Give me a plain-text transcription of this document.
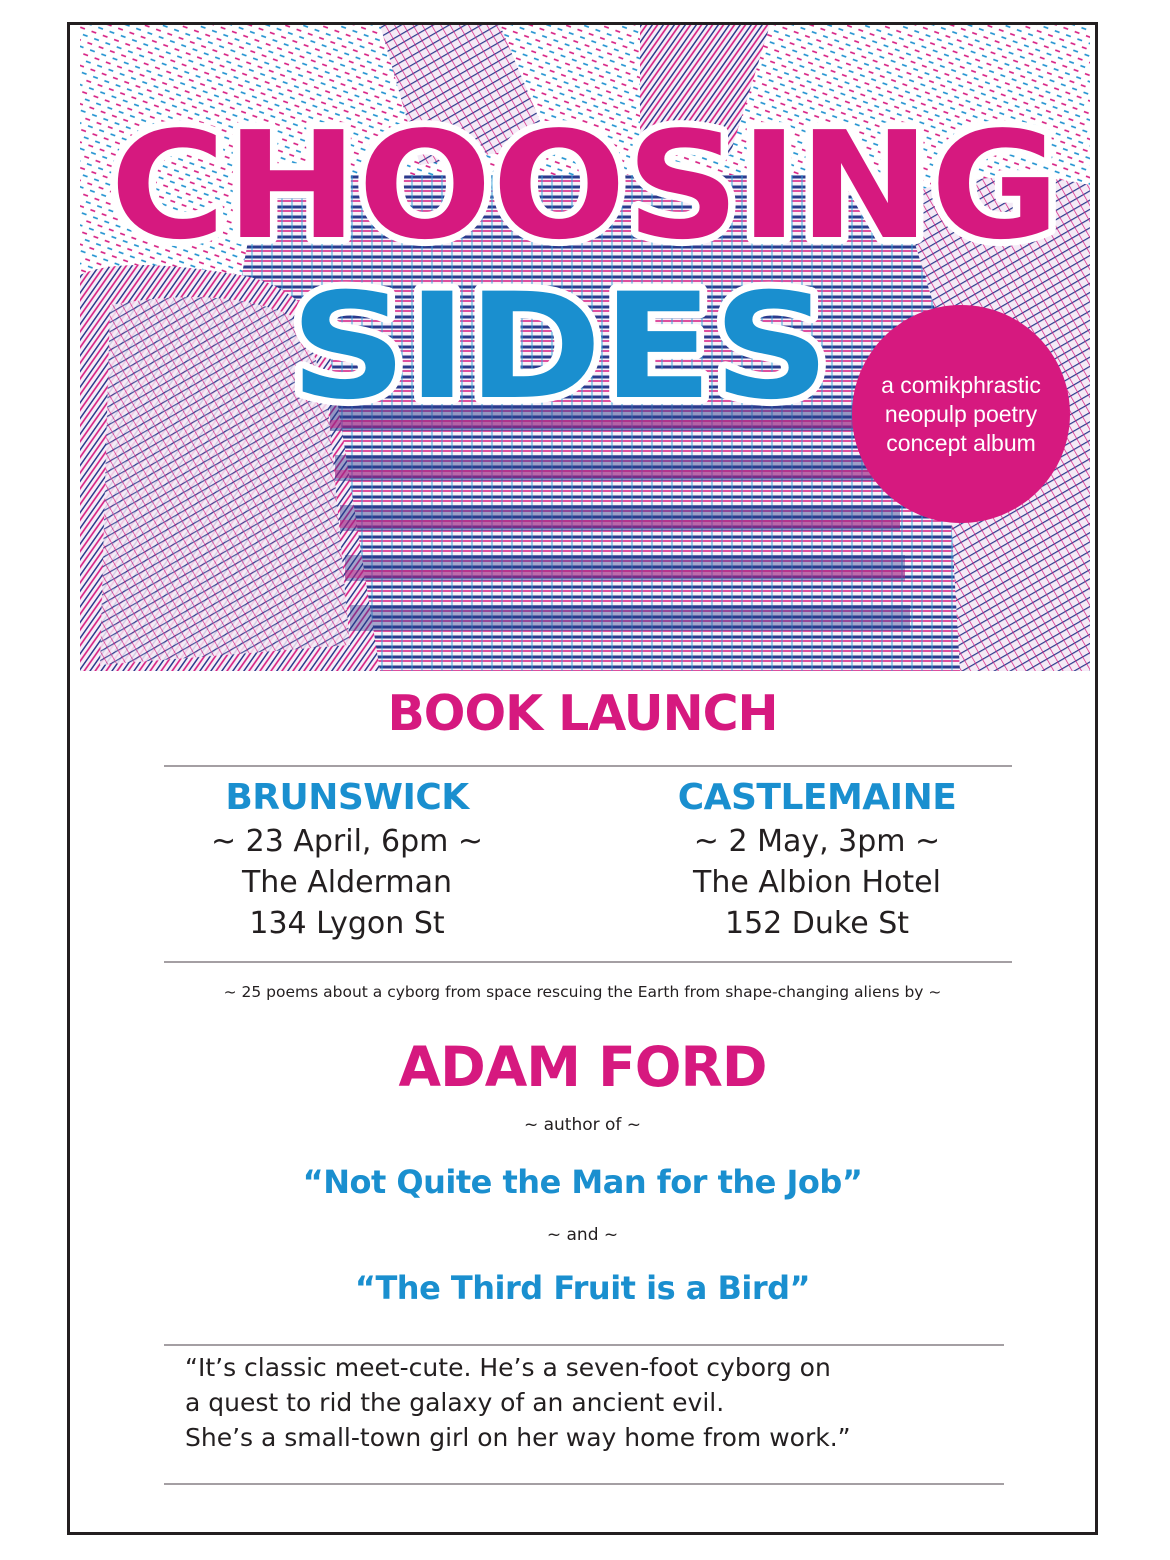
CHOOSING
SIDES a comikphrastic
neopulp poetry
concept album
BOOK LAUNCH
BRUNSWICK
~ 23 April, 6pm ~
The Alderman
134 Lygon St
CASTLEMAINE
~ 2 May, 3pm ~
The Albion Hotel
152 Duke St
~ 25 poems about a cyborg from space rescuing the Earth from shape-changing aliens by ~
ADAM FORD
~ author of ~
“Not Quite the Man for the Job”
~ and ~
“The Third Fruit is a Bird”
“It’s classic meet-cute. He’s a seven-foot cyborg on
a quest to rid the galaxy of an ancient evil.
She’s a small-town girl on her way home from work.”
